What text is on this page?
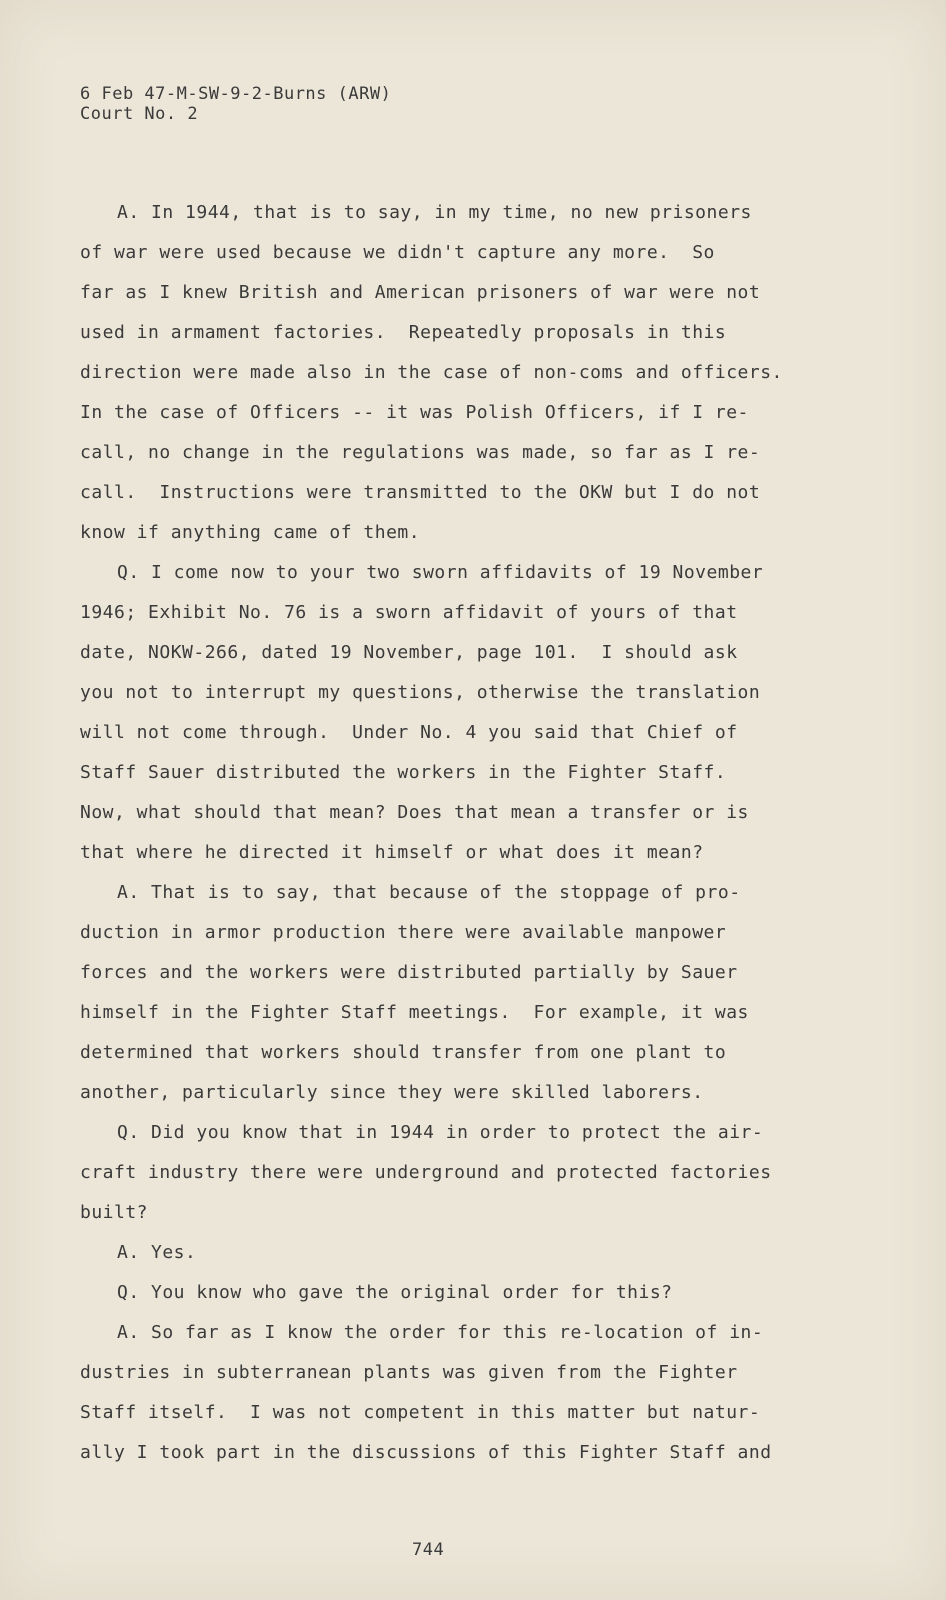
6 Feb 47-M-SW-9-2-Burns (ARW)
Court No. 2
A. In 1944, that is to say, in my time, no new prisoners
of war were used because we didn't capture any more.  So
far as I knew British and American prisoners of war were not
used in armament factories.  Repeatedly proposals in this
direction were made also in the case of non-coms and officers.
In the case of Officers -- it was Polish Officers, if I re-
call, no change in the regulations was made, so far as I re-
call.  Instructions were transmitted to the OKW but I do not
know if anything came of them.
Q. I come now to your two sworn affidavits of 19 November
1946; Exhibit No. 76 is a sworn affidavit of yours of that
date, NOKW-266, dated 19 November, page 101.  I should ask
you not to interrupt my questions, otherwise the translation
will not come through.  Under No. 4 you said that Chief of
Staff Sauer distributed the workers in the Fighter Staff.
Now, what should that mean? Does that mean a transfer or is
that where he directed it himself or what does it mean?
A. That is to say, that because of the stoppage of pro-
duction in armor production there were available manpower
forces and the workers were distributed partially by Sauer
himself in the Fighter Staff meetings.  For example, it was
determined that workers should transfer from one plant to
another, particularly since they were skilled laborers.
Q. Did you know that in 1944 in order to protect the air-
craft industry there were underground and protected factories
built?
A. Yes.
Q. You know who gave the original order for this?
A. So far as I know the order for this re-location of in-
dustries in subterranean plants was given from the Fighter
Staff itself.  I was not competent in this matter but natur-
ally I took part in the discussions of this Fighter Staff and
744
